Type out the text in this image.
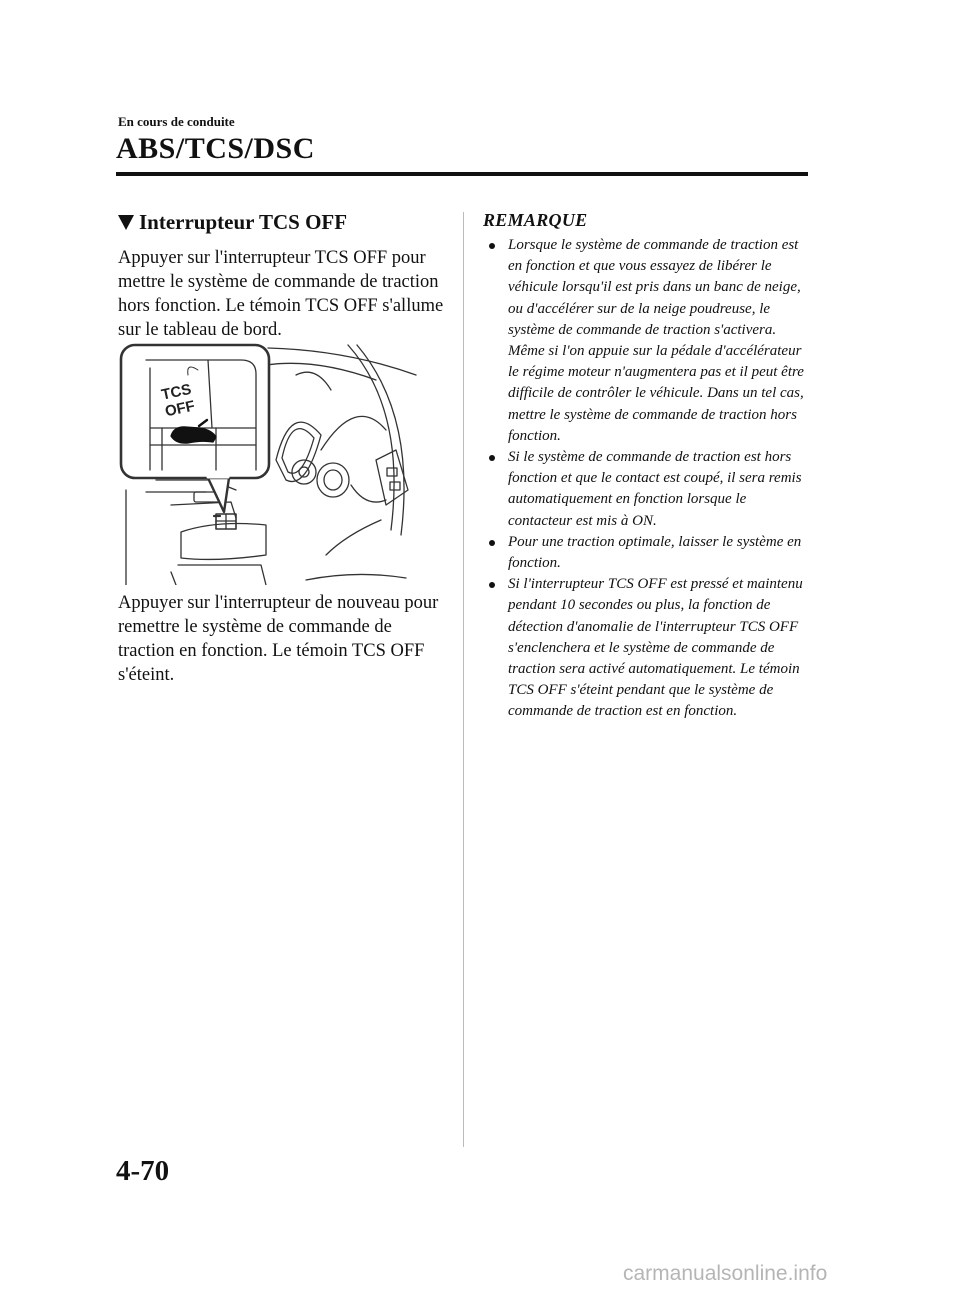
En cours de conduite
ABS/TCS/DSC
Interrupteur TCS OFF

Appuyer sur l'interrupteur TCS OFF pour mettre le système de commande de traction hors fonction. Le témoin TCS OFF s'allume sur le tableau de bord.

TCS
OFF

Appuyer sur l'interrupteur de nouveau pour remettre le système de commande de traction en fonction. Le témoin TCS OFF s'éteint.

REMARQUE
Lorsque le système de commande de traction est en fonction et que vous essayez de libérer le véhicule lorsqu'il est pris dans un banc de neige, ou d'accélérer sur de la neige poudreuse, le système de commande de traction s'activera. Même si l'on appuie sur la pédale d'accélérateur le régime moteur n'augmentera pas et il peut être difficile de contrôler le véhicule. Dans un tel cas, mettre le système de commande de traction hors fonction.
Si le système de commande de traction est hors fonction et que le contact est coupé, il sera remis automatiquement en fonction lorsque le contacteur est mis à ON.
Pour une traction optimale, laisser le système en fonction.
Si l'interrupteur TCS OFF est pressé et maintenu pendant 10 secondes ou plus, la fonction de détection d'anomalie de l'interrupteur TCS OFF s'enclenchera et le système de commande de traction sera activé automatiquement. Le témoin TCS OFF s'éteint pendant que le système de commande de traction est en fonction.
4-70
carmanualsonline.info
